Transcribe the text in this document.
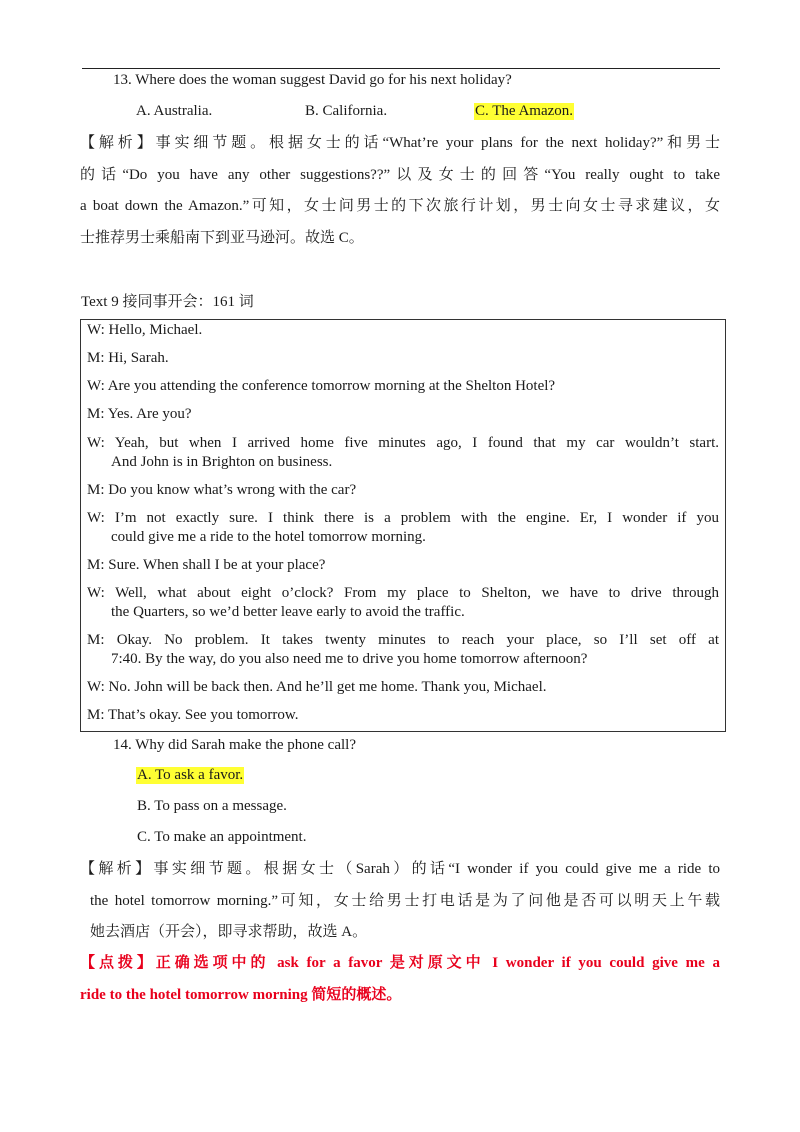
13. Where does the woman suggest David go for his next holiday?
A. Australia.	B. California.	C. The Amazon.
【解析】事实细节题。根据女士的话“What’re your plans for the next holiday?”和男士
的话“Do you have any other suggestions??”以及女士的回答“You really ought to take
a boat down the Amazon.”可知，女士问男士的下次旅行计划，男士向女士寻求建议，女
士推荐男士乘船南下到亚马逊河。故选 C。
Text 9 接同事开会：161 词
W: Hello, Michael.
M: Hi, Sarah.
W: Are you attending the conference tomorrow morning at the Shelton Hotel?
M: Yes. Are you?
W: Yeah, but when I arrived home five minutes ago, I found that my car wouldn’t start.
And John is in Brighton on business.
M: Do you know what’s wrong with the car?
W: I’m not exactly sure. I think there is a problem with the engine. Er, I wonder if you
could give me a ride to the hotel tomorrow morning.
M: Sure. When shall I be at your place?
W: Well, what about eight o’clock? From my place to Shelton, we have to drive through
the Quarters, so we’d better leave early to avoid the traffic.
M: Okay. No problem. It takes twenty minutes to reach your place, so I’ll set off at
7:40. By the way, do you also need me to drive you home tomorrow afternoon?
W: No. John will be back then. And he’ll get me home. Thank you, Michael.
M: That’s okay. See you tomorrow.
14. Why did Sarah make the phone call?
A. To ask a favor.
B. To pass on a message.
C. To make an appointment.
【解析】事实细节题。根据女士（Sarah）的话“I wonder if you could give me a ride to
the hotel tomorrow morning.”可知，女士给男士打电话是为了问他是否可以明天上午载
她去酒店（开会），即寻求帮助，故选 A。
【点拨】正确选项中的 ask for a favor 是对原文中 I wonder if you could give me a
ride to the hotel tomorrow morning 简短的概述。
